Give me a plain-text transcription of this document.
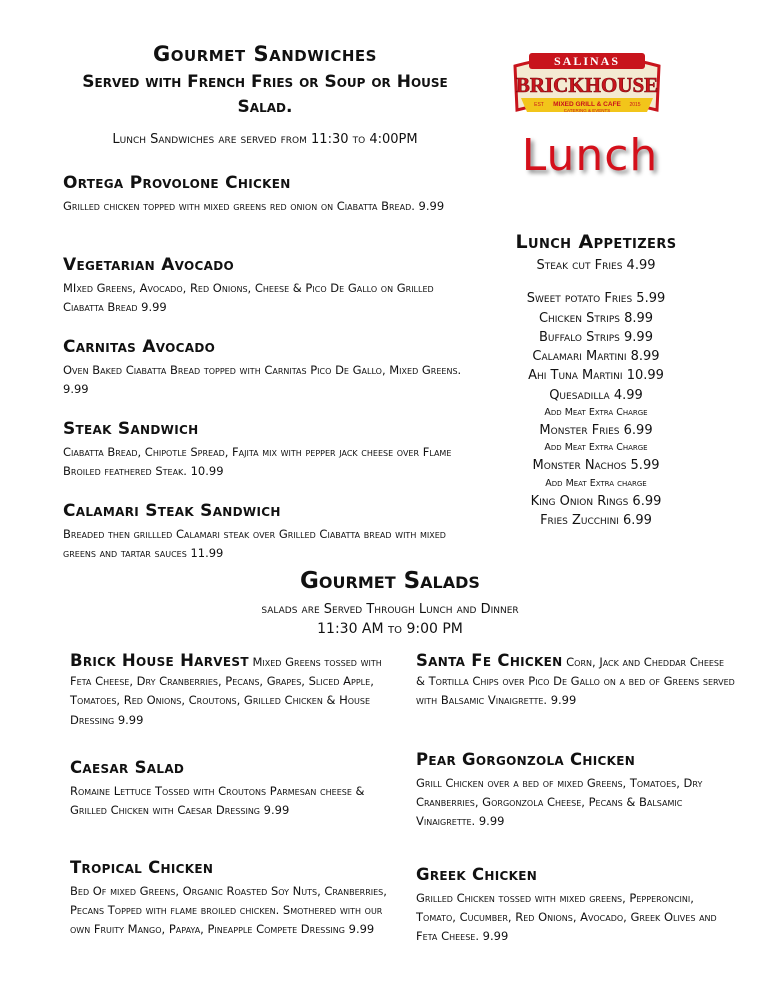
Gourmet Sandwiches
Served with French Fries or Soup or House Salad.
Lunch Sandwiches are served from 11:30 to 4:00PM
Ortega Provolone Chicken
Grilled chicken topped with mixed greens red onion on Ciabatta Bread. 9.99
Vegetarian Avocado
MIxed Greens, Avocado, Red Onions, Cheese & Pico De Gallo on Grilled Ciabatta Bread 9.99
Carnitas Avocado
Oven Baked Ciabatta Bread topped with Carnitas Pico De Gallo, Mixed Greens. 9.99
Steak Sandwich
Ciabatta Bread, Chipotle Spread, Fajita mix with pepper jack cheese over Flame Broiled feathered Steak. 10.99
Calamari Steak Sandwich
Breaded then grillled Calamari steak over Grilled Ciabatta bread with mixed greens and tartar sauces 11.99
SALINAS
BRICKHOUSE
MIXED GRILL & CAFE
CATERING & EVENTS
EST	2015
Lunch
Lunch Appetizers
Steak cut Fries 4.99
Sweet potato Fries 5.99
Chicken Strips 8.99
Buffalo Strips 9.99
Calamari Martini 8.99
Ahi Tuna Martini 10.99
Quesadilla 4.99
Add Meat Extra Charge
Monster Fries 6.99
Add Meat Extra Charge
Monster Nachos 5.99
Add Meat Extra charge
King Onion Rings 6.99
Fries Zucchini 6.99
Gourmet Salads
salads are Served Through Lunch and Dinner
11:30 AM to 9:00 PM
Brick House Harvest Mixed Greens tossed with Feta Cheese, Dry Cranberries, Pecans, Grapes, Sliced Apple, Tomatoes, Red Onions, Croutons, Grilled Chicken & House Dressing 9.99
Caesar Salad
Romaine Lettuce Tossed with Croutons Parmesan cheese & Grilled Chicken with Caesar Dressing 9.99
Tropical Chicken
Bed Of mixed Greens, Organic Roasted Soy Nuts, Cranberries, Pecans Topped with flame broiled chicken. Smothered with our own Fruity Mango, Papaya, Pineapple Compete Dressing 9.99
Santa Fe Chicken Corn, Jack and Cheddar Cheese & Tortilla Chips over Pico De Gallo on a bed of Greens served with Balsamic Vinaigrette. 9.99
Pear Gorgonzola Chicken
Grill Chicken over a bed of mixed Greens, Tomatoes, Dry Cranberries, Gorgonzola Cheese, Pecans & Balsamic Vinaigrette. 9.99
Greek Chicken
Grilled Chicken tossed with mixed greens, Pepperoncini, Tomato, Cucumber, Red Onions, Avocado, Greek Olives and Feta Cheese. 9.99
